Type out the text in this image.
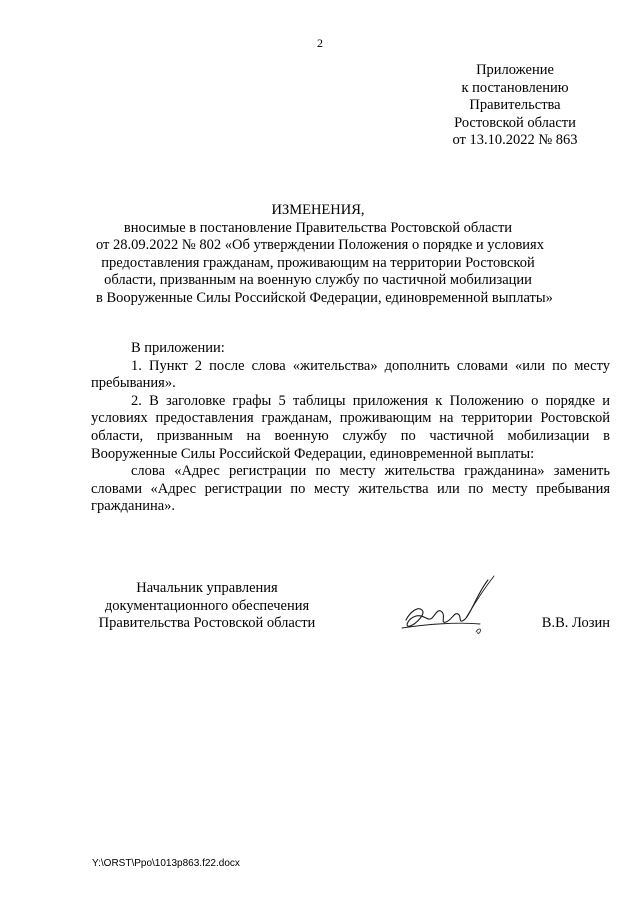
2
Приложение
к постановлению
Правительства
Ростовской области
от 13.10.2022 № 863
ИЗМЕНЕНИЯ,
вносимые в постановление Правительства Ростовской области
от 28.09.2022 № 802 «Об утверждении Положения о порядке и условиях
предоставления гражданам, проживающим на территории Ростовской
области, призванным на военную службу по частичной мобилизации
в Вооруженные Силы Российской Федерации, единовременной выплаты»

В приложении:

1. Пункт 2 после слова «жительства» дополнить словами «или по месту пребывания».

2. В заголовке графы 5 таблицы приложения к Положению о порядке и условиях предоставления гражданам, проживающим на территории Ростовской области, призванным на военную службу по частичной мобилизации в Вооруженные Силы Российской Федерации, единовременной выплаты:

слова «Адрес регистрации по месту жительства гражданина» заменить словами «Адрес регистрации по месту жительства или по месту пребывания гражданина».

Начальник управления
документационного обеспечения
Правительства Ростовской области	В.В. Лозин
Y:\ORST\Ppo\1013p863.f22.docx
